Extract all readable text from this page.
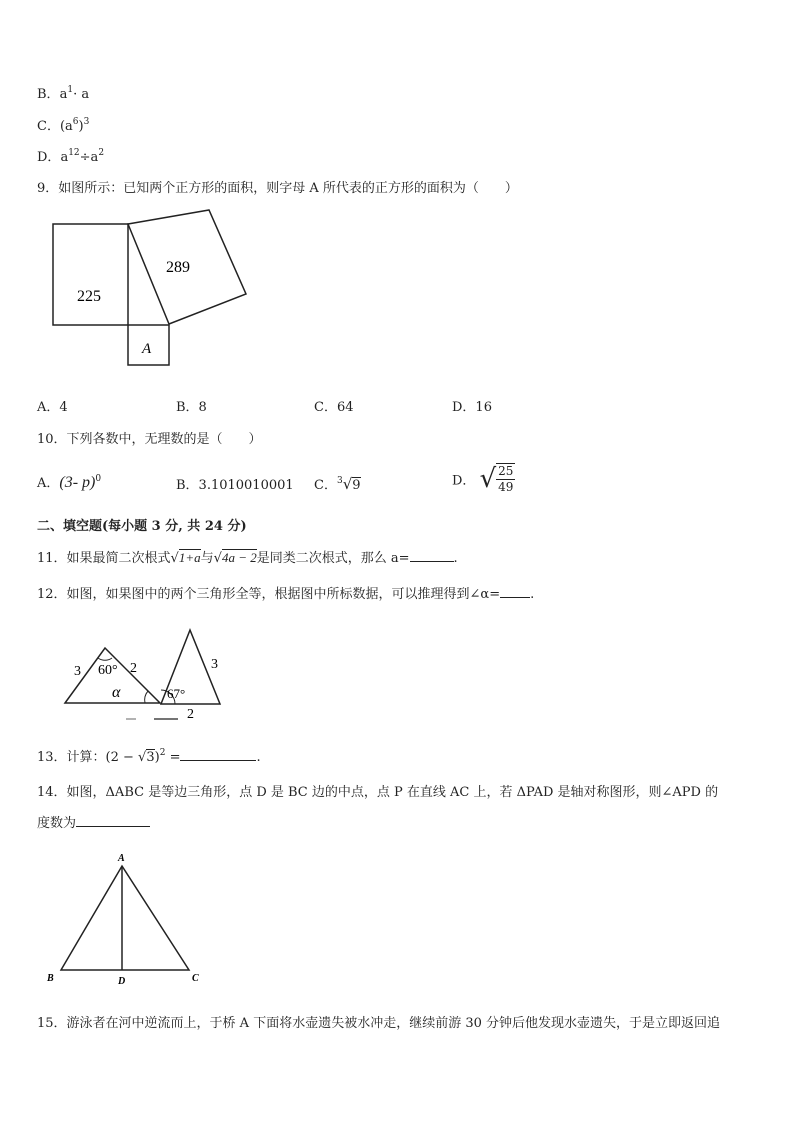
B．$a^1\cdot a$
C．$(a^6)^3$
D．$a^{12}\div a^2$
9．如图所示：已知两个正方形的面积，则字母 A 所代表的正方形的面积为（　　）
225
289
A
A．4	B．8	C．64	D．16
10．下列各数中，无理数的是（　　）
A．(3- p)$^0$	B．3.1010010001 C．$^3$√9	D． √ $\frac{25}{49}$
二、填空题(每小题 3 分, 共 24 分)
11．如果最简二次根式√1+a与√4a − 2是同类二次根式，那么 a=	.
12．如图，如果图中的两个三角形全等，根据图中所标数据，可以推理得到∠α= .
3 60° 2
α
3
67°
2
13．计算：$(2 - √3)^2$ =	.
14．如图，ΔABC 是等边三角形，点 D 是 BC 边的中点，点 P 在直线 AC 上，若 ΔPAD 是轴对称图形，则∠APD 的
度数为
A
B	D	C
15．游泳者在河中逆流而上，于桥 A 下面将水壶遗失被水冲走，继续前游 30 分钟后他发现水壶遗失，于是立即返回追
